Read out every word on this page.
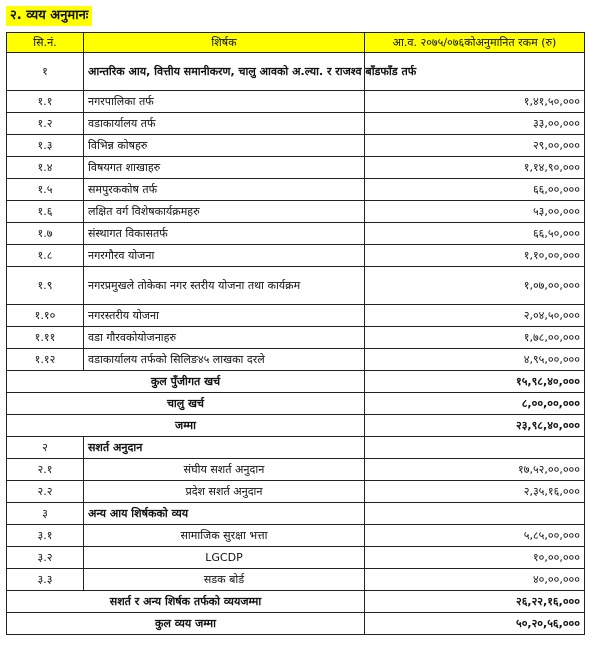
२. व्यय अनुमानः
सि.नं.	शिर्षक	आ.व. २०७५/०७६कोअनुमानित रकम (रु)
१	आन्तरिक आय, वित्तीय समानीकरण, चालु आवको अ.ल्या. र राजश्व बाँडफाँड तर्फ	
१.१	नगरपालिका तर्फ	१,४१,५०,०००
१.२	वडाकार्यालय तर्फ	३३,००,०००
१.३	विभिन्न कोषहरु	२९,००,०००
१.४	विषयगत शाखाहरु	१,१४,९०,०००
१.५	समपुरककोष तर्फ	६६,००,०००
१.६	लक्षित वर्ग विशेषकार्यक्रमहरु	५३,००,०००
१.७	संस्थागत विकासतर्फ	६६,५०,०००
१.८	नगरगौरव योजना	१,१०,००,०००
१.९	नगरप्रमुखले तोकेका नगर स्तरीय योजना तथा कार्यक्रम	१,०७,००,०००
१.१०	नगरस्तरीय योजना	२,०४,५०,०००
१.११	वडा गौरवकोयोजनाहरु	१,७८,००,०००
१.१२	वडाकार्यालय तर्फको सिलिङ४५ लाखका दरले	४,९५,००,०००
कुल पुँजीगत खर्च		१५,९८,४०,०००
चालु खर्च		८,००,००,०००
जम्मा		२३,९८,४०,०००
२	सशर्त अनुदान	
२.१	संघीय सशर्त अनुदान	१७,५२,००,०००
२.२	प्रदेश सशर्त अनुदान	२,३५,१६,०००
३	अन्य आय शिर्षकको व्यय	
३.१	सामाजिक सुरक्षा भत्ता	५,८५,००,०००
३.२	LGCDP	१०,००,०००
३.३	सडक बोर्ड	४०,००,०००
सशर्त र अन्य शिर्षक तर्फको व्ययजम्मा		२६,२२,१६,०००
कुल व्यय जम्मा		५०,२०,५६,०००
